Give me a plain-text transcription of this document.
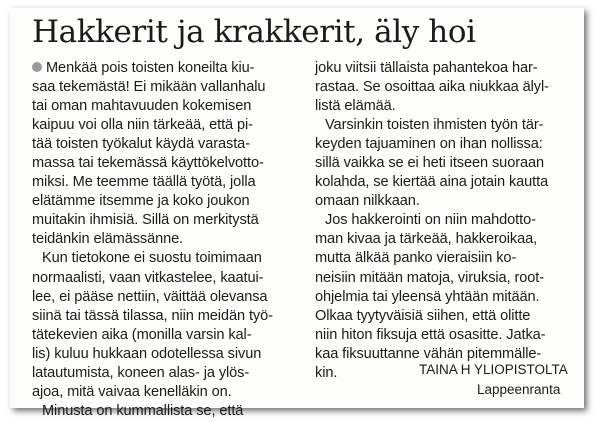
Hakkerit ja krakkerit, äly hoi
Menkää pois toisten koneilta kiu-
saa tekemästä! Ei mikään vallanhalu
tai oman mahtavuuden kokemisen
kaipuu voi olla niin tärkeää, että pi-
tää toisten työkalut käydä varasta-
massa tai tekemässä käyttökelvotto-
miksi. Me teemme täällä työtä, jolla
elätämme itsemme ja koko joukon
muitakin ihmisiä. Sillä on merkitystä
teidänkin elämässänne.
Kun tietokone ei suostu toimimaan
normaalisti, vaan vitkastelee, kaatui-
lee, ei pääse nettiin, väittää olevansa
siinä tai tässä tilassa, niin meidän työ-
tätekevien aika (monilla varsin kal-
lis) kuluu hukkaan odotellessa sivun
latautumista, koneen alas- ja ylös-
ajoa, mitä vaivaa kenelläkin on.
Minusta on kummallista se, että
joku viitsii tällaista pahantekoa har-
rastaa. Se osoittaa aika niukkaa älyl-
listä elämää.
Varsinkin toisten ihmisten työn tär-
keyden tajuaminen on ihan nollissa:
sillä vaikka se ei heti itseen suoraan
kolahda, se kiertää aina jotain kautta
omaan nilkkaan.
Jos hakkerointi on niin mahdotto-
man kivaa ja tärkeää, hakkeroikaa,
mutta älkää panko vieraisiin ko-
neisiin mitään matoja, viruksia, root-
ohjelmia tai yleensä yhtään mitään.
Olkaa tyytyväisiä siihen, että olitte
niin hiton fiksuja että osasitte. Jatka-
kaa fiksuuttanne vähän pitemmälle-
kin.	TAINA H YLIOPISTOLTA
Lappeenranta
